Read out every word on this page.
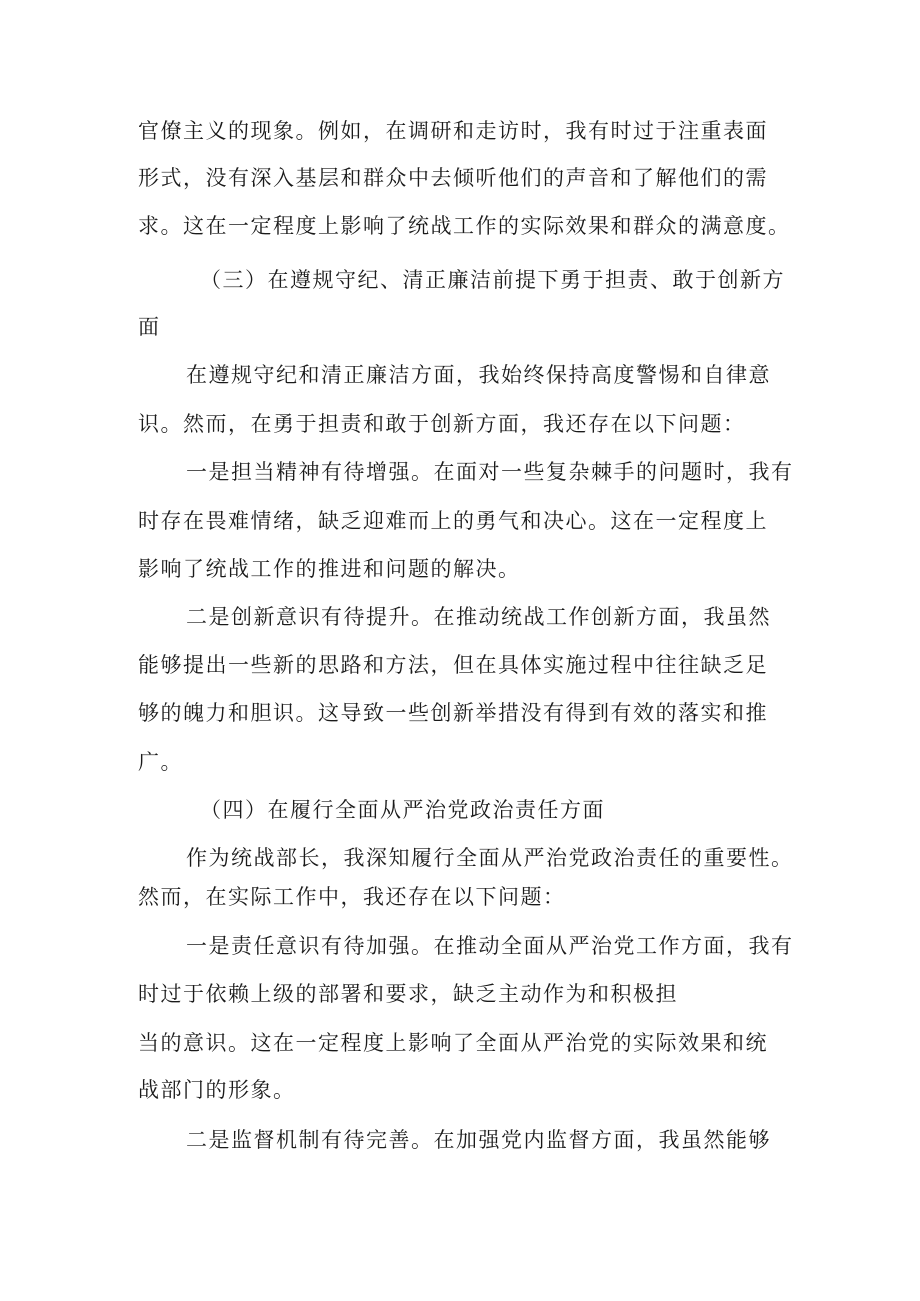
官僚主义的现象。例如，在调研和走访时，我有时过于注重表面
形式，没有深入基层和群众中去倾听他们的声音和了解他们的需
求。这在一定程度上影响了统战工作的实际效果和群众的满意度。
（三）在遵规守纪、清正廉洁前提下勇于担责、敢于创新方
面
在遵规守纪和清正廉洁方面，我始终保持高度警惕和自律意
识。然而，在勇于担责和敢于创新方面，我还存在以下问题：
一是担当精神有待增强。在面对一些复杂棘手的问题时，我有
时存在畏难情绪，缺乏迎难而上的勇气和决心。这在一定程度上
影响了统战工作的推进和问题的解决。
二是创新意识有待提升。在推动统战工作创新方面，我虽然
能够提出一些新的思路和方法，但在具体实施过程中往往缺乏足
够的魄力和胆识。这导致一些创新举措没有得到有效的落实和推
广。
（四）在履行全面从严治党政治责任方面
作为统战部长，我深知履行全面从严治党政治责任的重要性。
然而，在实际工作中，我还存在以下问题：
一是责任意识有待加强。在推动全面从严治党工作方面，我有
时过于依赖上级的部署和要求，缺乏主动作为和积极担
当的意识。这在一定程度上影响了全面从严治党的实际效果和统
战部门的形象。
二是监督机制有待完善。在加强党内监督方面，我虽然能够
